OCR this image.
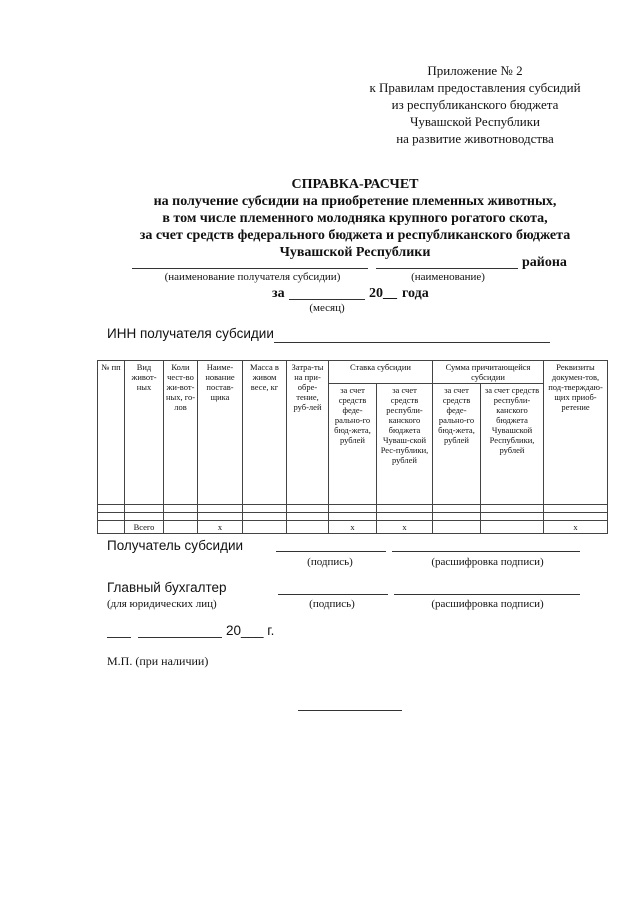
Приложение № 2
к Правилам предоставления субсидий
из республиканского бюджета
Чувашской Республики
на развитие животноводства
СПРАВКА-РАСЧЕТ
на получение субсидии на приобретение племенных животных,
в том числе племенного молодняка крупного рогатого скота,
за счет средств федерального бюджета и республиканского бюджета
Чувашской Республики
района
(наименование получателя субсидии)	(наименование)
за	20__ года
(месяц)
ИНН получателя субсидии
№ пп	Вид живот-ных	Коли чест-во жи-вот-ных, го-лов	Наиме-нование постав-щика	Масса в живом весе, кг	Затра-ты на при-обре-тение, руб-лей	Ставка субсидии		Сумма причитающейся субсидии		Реквизиты докумен-тов, под-тверждаю-щих приоб-ретение
						за счет средств феде-рально-го бюд-жета, рублей	за счет средств республи-канского бюджета Чуваш-ской Рес-публики, рублей	за счет средств феде-рально-го бюд-жета, рублей	за счет средств республи-канского бюджета Чувашской Республики, рублей	

	Всего		х			х	х			х
Получатель субсидии
(подпись)	(расшифровка подписи)
Главный бухгалтер
(для юридических лиц)	(подпись)	(расшифровка подписи)
20___ г.
М.П. (при наличии)
